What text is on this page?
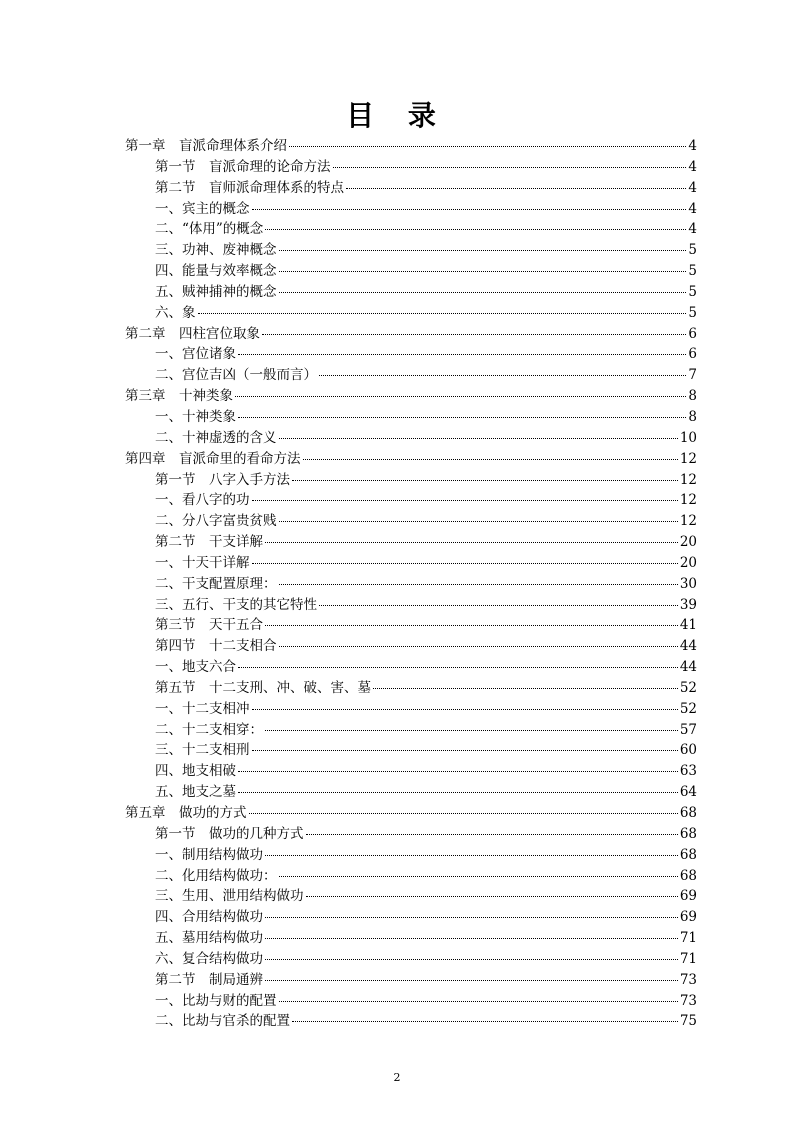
目 录
第一章　盲派命理体系介绍	4
第一节　盲派命理的论命方法	4
第二节　盲师派命理体系的特点	4
一、宾主的概念	4
二、“体用”的概念	4
三、功神、废神概念	5
四、能量与效率概念	5
五、贼神捕神的概念	5
六、象	5
第二章　四柱宫位取象	6
一、宫位诸象	6
二、宫位吉凶（一般而言）	7
第三章　十神类象	8
一、十神类象	8
二、十神虚透的含义	10
第四章　盲派命里的看命方法	12
第一节　八字入手方法	12
一、看八字的功	12
二、分八字富贵贫贱	12
第二节　干支详解	20
一、十天干详解	20
二、干支配置原理：	30
三、五行、干支的其它特性	39
第三节　天干五合	41
第四节　十二支相合	44
一、地支六合	44
第五节　十二支刑、冲、破、害、墓	52
一、十二支相冲	52
二、十二支相穿：	57
三、十二支相刑	60
四、地支相破	63
五、地支之墓	64
第五章　做功的方式	68
第一节　做功的几种方式	68
一、制用结构做功	68
二、化用结构做功：	68
三、生用、泄用结构做功	69
四、合用结构做功	69
五、墓用结构做功	71
六、复合结构做功	71
第二节　制局通辨	73
一、比劫与财的配置	73
二、比劫与官杀的配置	75
2
